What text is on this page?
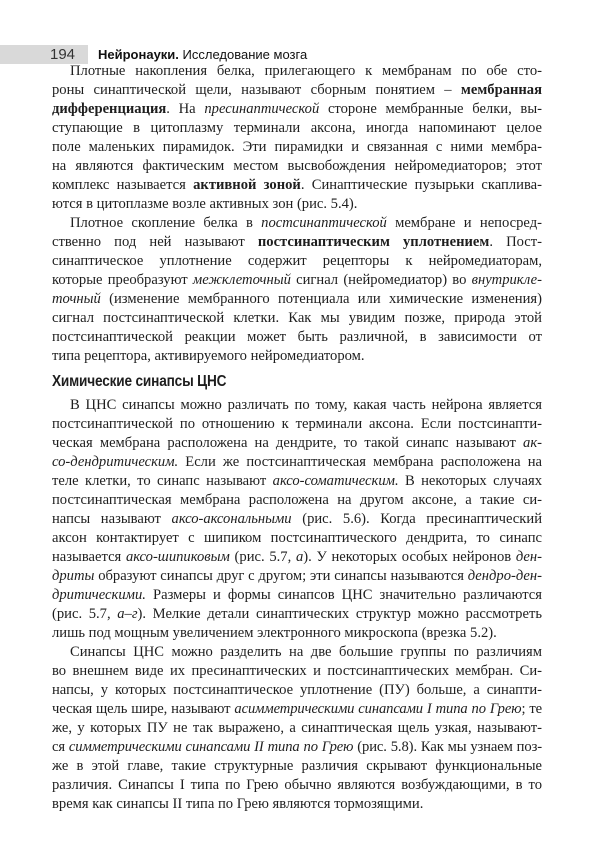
194 Нейронауки. Исследование мозга
Плотные накопления белка, прилегающего к мембранам по обе сто-
роны синаптической щели, называют сборным понятием – мембранная
дифференциация. На пресинаптической стороне мембранные белки, вы-
ступающие в цитоплазму терминали аксона, иногда напоминают целое
поле маленьких пирамидок. Эти пирамидки и связанная с ними мембра-
на являются фактическим местом высвобождения нейромедиаторов; этот
комплекс называется активной зоной. Синаптические пузырьки скаплива-
ются в цитоплазме возле активных зон (рис. 5.4).
Плотное скопление белка в постсинаптической мембране и непосред-
ственно под ней называют постсинаптическим уплотнением. Пост-
синаптическое уплотнение содержит рецепторы к нейромедиаторам,
которые преобразуют межклеточный сигнал (нейромедиатор) во внутрикле-
точный (изменение мембранного потенциала или химические изменения)
сигнал постсинаптической клетки. Как мы увидим позже, природа этой
постсинаптической реакции может быть различной, в зависимости от
типа рецептора, активируемого нейромедиатором.
Химические синапсы ЦНС
В ЦНС синапсы можно различать по тому, какая часть нейрона является
постсинаптической по отношению к терминали аксона. Если постсинапти-
ческая мембрана расположена на дендрите, то такой синапс называют ак-
со-дендритическим. Если же постсинаптическая мембрана расположена на
теле клетки, то синапс называют аксо-соматическим. В некоторых случаях
постсинаптическая мембрана расположена на другом аксоне, а такие си-
напсы называют аксо-аксональными (рис. 5.6). Когда пресинаптический
аксон контактирует с шипиком постсинаптического дендрита, то синапс
называется аксо-шипиковым (рис. 5.7, а). У некоторых особых нейронов ден-
дриты образуют синапсы друг с другом; эти синапсы называются дендро-ден-
дритическими. Размеры и формы синапсов ЦНС значительно различаются
(рис. 5.7, а–г). Мелкие детали синаптических структур можно рассмотреть
лишь под мощным увеличением электронного микроскопа (врезка 5.2).
Синапсы ЦНС можно разделить на две большие группы по различиям
во внешнем виде их пресинаптических и постсинаптических мембран. Си-
напсы, у которых постсинаптическое уплотнение (ПУ) больше, а синапти-
ческая щель шире, называют асимметрическими синапсами I типа по Грею; те
же, у которых ПУ не так выражено, а синаптическая щель узкая, называют-
ся симметрическими синапсами II типа по Грею (рис. 5.8). Как мы узнаем поз-
же в этой главе, такие структурные различия скрывают функциональные
различия. Синапсы I типа по Грею обычно являются возбуждающими, в то
время как синапсы II типа по Грею являются тормозящими.
